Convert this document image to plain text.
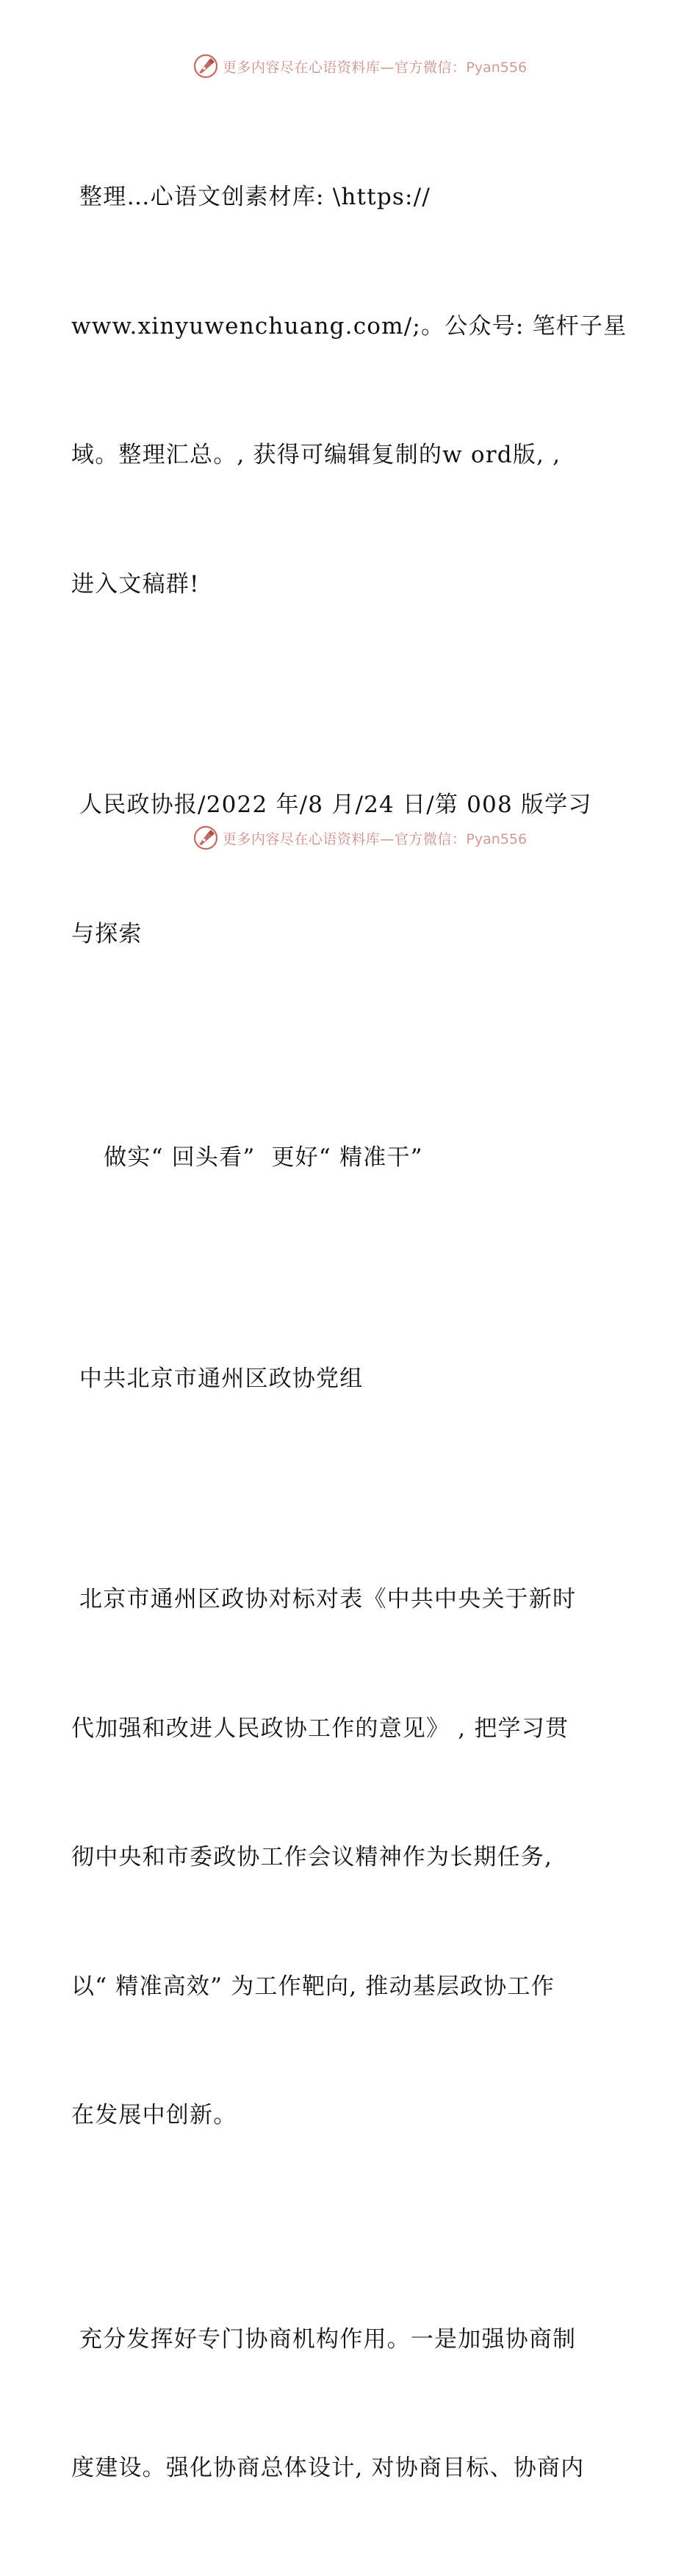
更多内容尽在心语资料库—官方微信：Pyan556

整理…心语文创素材库: \https://

www.xinyuwenchuang.com/;。公众号: 笔杆子星

域。整理汇总。, 获得可编辑复制的w ord版, ,

进入文稿群!

人民政协报/2022 年/8 月/24 日/第 008 版学习

与探索

做实“ 回头看”  更好“ 精准干”

中共北京市通州区政协党组

北京市通州区政协对标对表《中共中央关于新时

代加强和改进人民政协工作的意见》 , 把学习贯

彻中央和市委政协工作会议精神作为长期任务,

以“ 精准高效” 为工作靶向, 推动基层政协工作

在发展中创新。

充分发挥好专门协商机构作用。一是加强协商制

度建设。强化协商总体设计, 对协商目标、协商内

更多内容尽在心语资料库—官方微信：Pyan556
